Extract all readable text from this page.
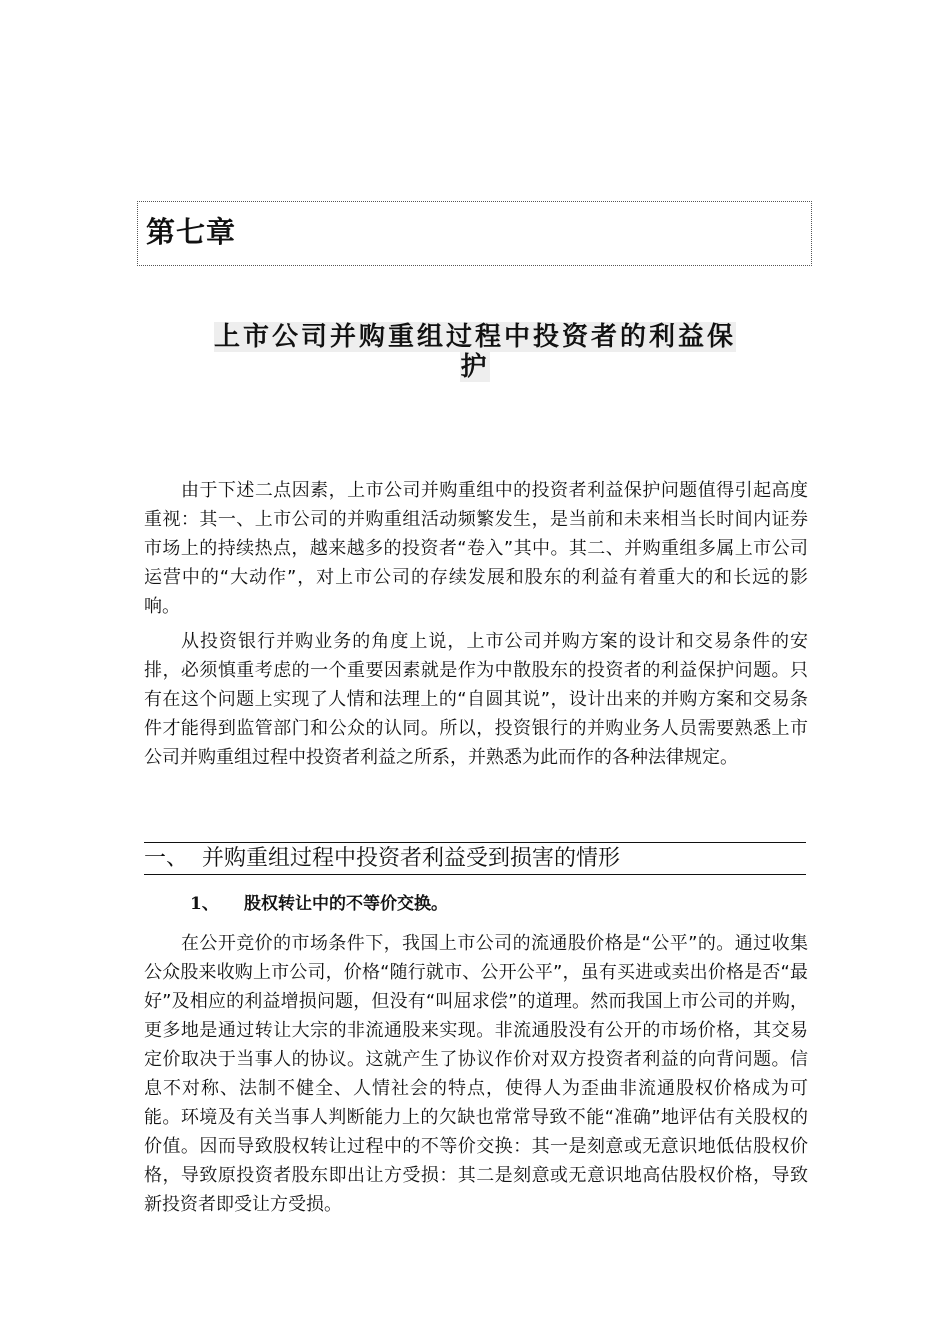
第七章
上市公司并购重组过程中投资者的利益保
护

由于下述二点因素，上市公司并购重组中的投资者利益保护问题值得引起高度重视：其一、上市公司的并购重组活动频繁发生，是当前和未来相当长时间内证券市场上的持续热点，越来越多的投资者“卷入”其中。其二、并购重组多属上市公司运营中的“大动作”，对上市公司的存续发展和股东的利益有着重大的和长远的影响。

从投资银行并购业务的角度上说，上市公司并购方案的设计和交易条件的安排，必须慎重考虑的一个重要因素就是作为中散股东的投资者的利益保护问题。只有在这个问题上实现了人情和法理上的“自圆其说”，设计出来的并购方案和交易条件才能得到监管部门和公众的认同。所以，投资银行的并购业务人员需要熟悉上市公司并购重组过程中投资者利益之所系，并熟悉为此而作的各种法律规定。

一、 并购重组过程中投资者利益受到损害的情形
1、 股权转让中的不等价交换。

在公开竞价的市场条件下，我国上市公司的流通股价格是“公平”的。通过收集公众股来收购上市公司，价格“随行就市、公开公平”，虽有买进或卖出价格是否“最好”及相应的利益增损问题，但没有“叫屈求偿”的道理。然而我国上市公司的并购，更多地是通过转让大宗的非流通股来实现。非流通股没有公开的市场价格，其交易定价取决于当事人的协议。这就产生了协议作价对双方投资者利益的向背问题。信息不对称、法制不健全、人情社会的特点，使得人为歪曲非流通股权价格成为可能。环境及有关当事人判断能力上的欠缺也常常导致不能“准确”地评估有关股权的价值。因而导致股权转让过程中的不等价交换：其一是刻意或无意识地低估股权价格，导致原投资者股东即出让方受损：其二是刻意或无意识地高估股权价格，导致新投资者即受让方受损。
